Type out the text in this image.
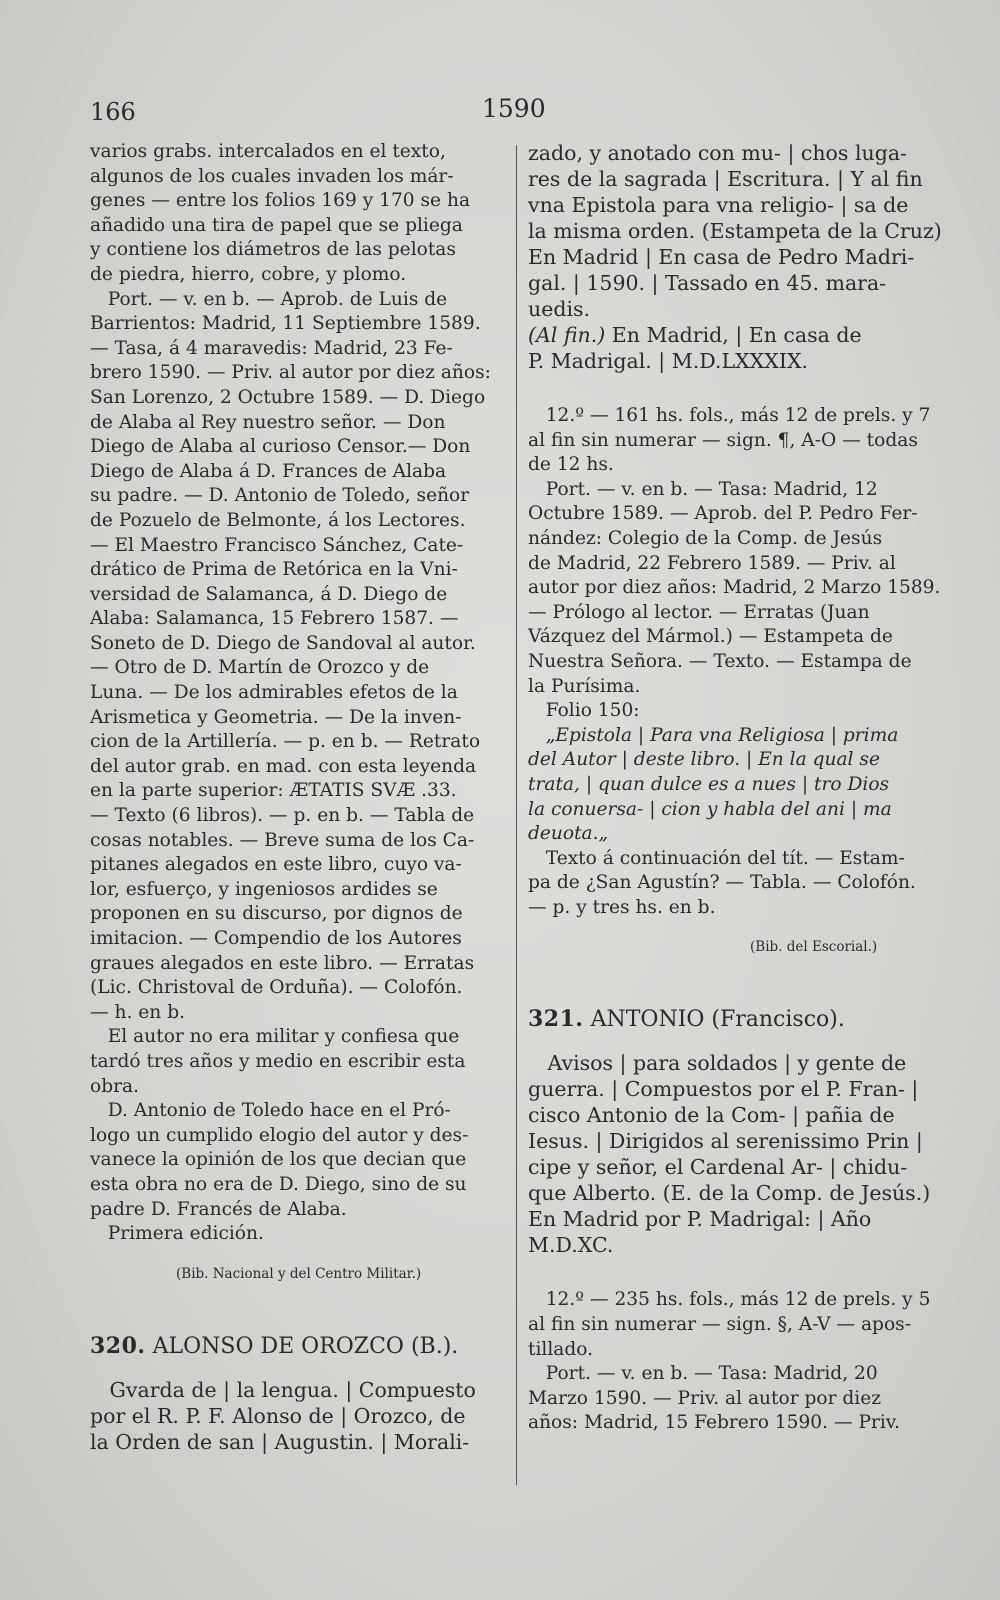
166	1590
varios grabs. intercalados en el texto,
algunos de los cuales invaden los már-
genes — entre los folios 169 y 170 se ha
añadido una tira de papel que se pliega
y contiene los diámetros de las pelotas
de piedra, hierro, cobre, y plomo.
Port. — v. en b. — Aprob. de Luis de
Barrientos: Madrid, 11 Septiembre 1589.
— Tasa, á 4 maravedis: Madrid, 23 Fe-
brero 1590. — Priv. al autor por diez años:
San Lorenzo, 2 Octubre 1589. — D. Diego
de Alaba al Rey nuestro señor. — Don
Diego de Alaba al curioso Censor.— Don
Diego de Alaba á D. Frances de Alaba
su padre. — D. Antonio de Toledo, señor
de Pozuelo de Belmonte, á los Lectores.
— El Maestro Francisco Sánchez, Cate-
drático de Prima de Retórica en la Vni-
versidad de Salamanca, á D. Diego de
Alaba: Salamanca, 15 Febrero 1587. —
Soneto de D. Diego de Sandoval al autor.
— Otro de D. Martín de Orozco y de
Luna. — De los admirables efetos de la
Arismetica y Geometria. — De la inven-
cion de la Artillería. — p. en b. — Retrato
del autor grab. en mad. con esta leyenda
en la parte superior: ÆTATIS SVÆ .33.
— Texto (6 libros). — p. en b. — Tabla de
cosas notables. — Breve suma de los Ca-
pitanes alegados en este libro, cuyo va-
lor, esfuerço, y ingeniosos ardides se
proponen en su discurso, por dignos de
imitacion. — Compendio de los Autores
graues alegados en este libro. — Erratas
(Lic. Christoval de Orduña). — Colofón.
— h. en b.
El autor no era militar y confiesa que
tardó tres años y medio en escribir esta
obra.
D. Antonio de Toledo hace en el Pró-
logo un cumplido elogio del autor y des-
vanece la opinión de los que decian que
esta obra no era de D. Diego, sino de su
padre D. Francés de Alaba.
Primera edición.
(Bib. Nacional y del Centro Militar.)
320. ALONSO DE OROZCO (B.).
Gvarda de | la lengua. | Compuesto
por el R. P. F. Alonso de | Orozco, de
la Orden de san | Augustin. | Morali-
zado, y anotado con mu- | chos luga-
res de la sagrada | Escritura. | Y al fin
vna Epistola para vna religio- | sa de
la misma orden. (Estampeta de la Cruz)
En Madrid | En casa de Pedro Madri-
gal. | 1590. | Tassado en 45. mara-
uedis.
(Al fin.) En Madrid, | En casa de
P. Madrigal. | M.D.LXXXIX.
12.º — 161 hs. fols., más 12 de prels. y 7
al fin sin numerar — sign. ¶, A-O — todas
de 12 hs.
Port. — v. en b. — Tasa: Madrid, 12
Octubre 1589. — Aprob. del P. Pedro Fer-
nández: Colegio de la Comp. de Jesús
de Madrid, 22 Febrero 1589. — Priv. al
autor por diez años: Madrid, 2 Marzo 1589.
— Prólogo al lector. — Erratas (Juan
Vázquez del Mármol.) — Estampeta de
Nuestra Señora. — Texto. — Estampa de
la Purísima.
Folio 150:
„Epistola | Para vna Religiosa | prima
del Autor | deste libro. | En la qual se
trata, | quan dulce es a nues | tro Dios
la conuersa- | cion y habla del ani | ma
deuota.„
Texto á continuación del tít. — Estam-
pa de ¿San Agustín? — Tabla. — Colofón.
— p. y tres hs. en b.
(Bib. del Escorial.)
321. ANTONIO (Francisco).
Avisos | para soldados | y gente de
guerra. | Compuestos por el P. Fran- |
cisco Antonio de la Com- | pañia de
Iesus. | Dirigidos al serenissimo Prin |
cipe y señor, el Cardenal Ar- | chidu-
que Alberto. (E. de la Comp. de Jesús.)
En Madrid por P. Madrigal: | Año
M.D.XC.
12.º — 235 hs. fols., más 12 de prels. y 5
al fin sin numerar — sign. §, A-V — apos-
tillado.
Port. — v. en b. — Tasa: Madrid, 20
Marzo 1590. — Priv. al autor por diez
años: Madrid, 15 Febrero 1590. — Priv.
